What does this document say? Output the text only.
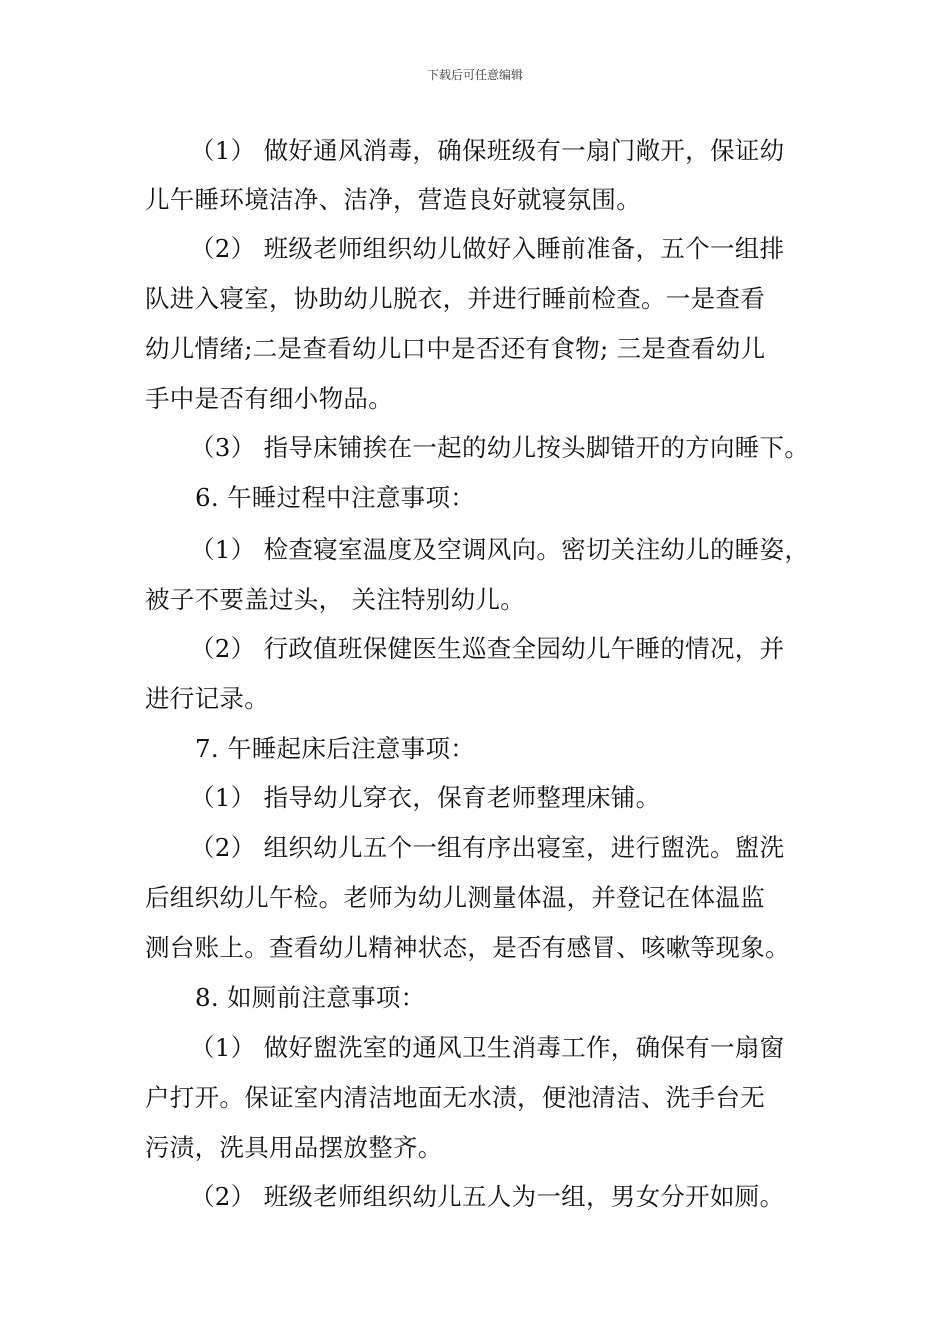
下载后可任意编辑
（1） 做好通风消毒，确保班级有一扇门敞开，保证幼
儿午睡环境洁净、洁净，营造良好就寝氛围。
（2） 班级老师组织幼儿做好入睡前准备，五个一组排
队进入寝室，协助幼儿脱衣，并进行睡前检查。一是查看
幼儿情绪;二是查看幼儿口中是否还有食物; 三是查看幼儿
手中是否有细小物品。
（3） 指导床铺挨在一起的幼儿按头脚错开的方向睡下。
6. 午睡过程中注意事项：
（1） 检查寝室温度及空调风向。密切关注幼儿的睡姿，
被子不要盖过头， 关注特别幼儿。
（2） 行政值班保健医生巡查全园幼儿午睡的情况，并
进行记录。
7. 午睡起床后注意事项：
（1） 指导幼儿穿衣，保育老师整理床铺。
（2） 组织幼儿五个一组有序出寝室，进行盥洗。盥洗
后组织幼儿午检。老师为幼儿测量体温，并登记在体温监
测台账上。查看幼儿精神状态，是否有感冒、咳嗽等现象。
8. 如厕前注意事项：
（1） 做好盥洗室的通风卫生消毒工作，确保有一扇窗
户打开。保证室内清洁地面无水渍，便池清洁、洗手台无
污渍，洗具用品摆放整齐。
（2） 班级老师组织幼儿五人为一组，男女分开如厕。
